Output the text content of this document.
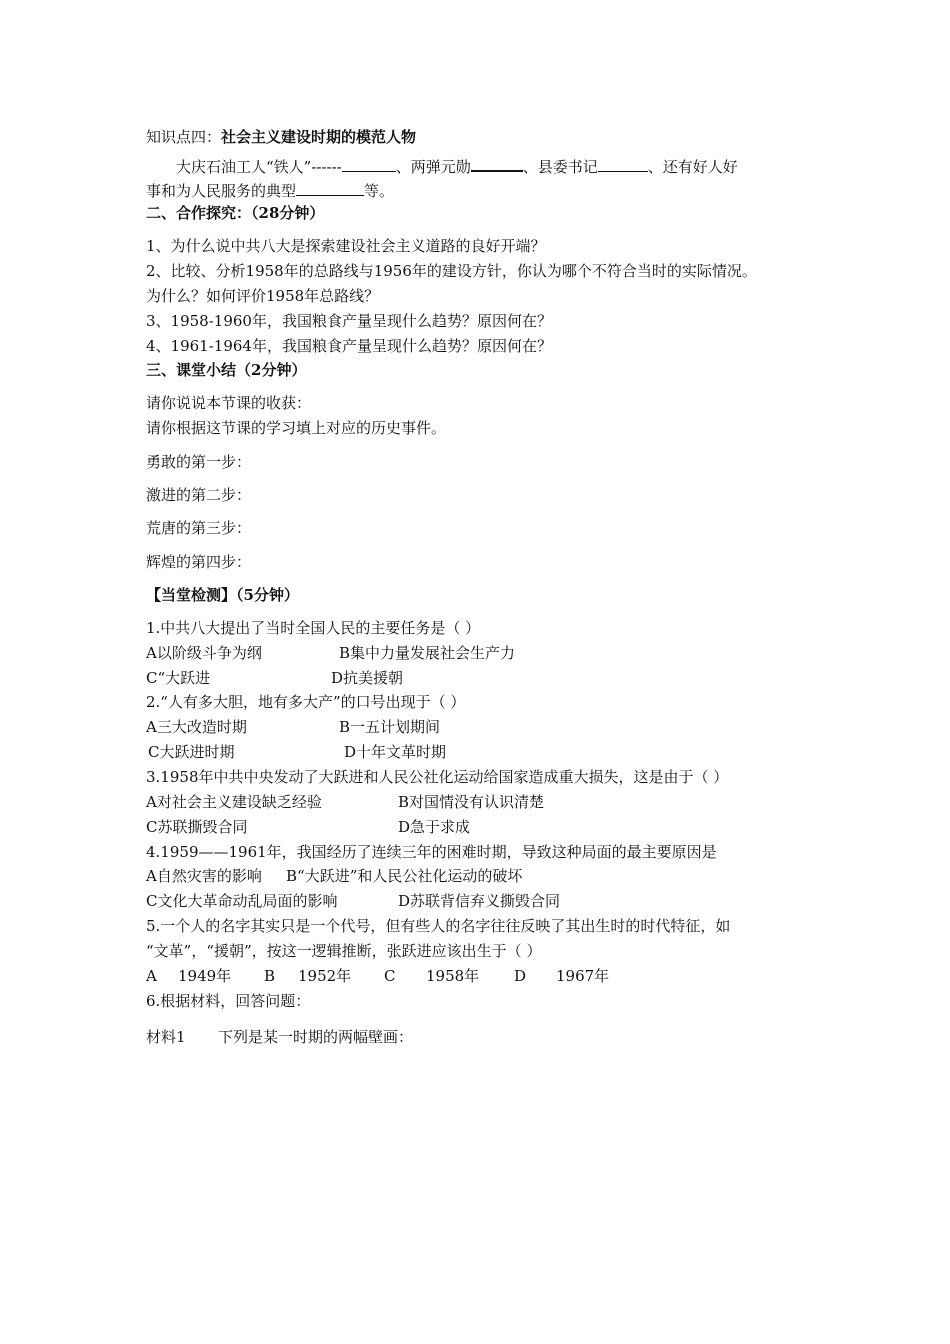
知识点四：社会主义建设时期的模范人物
大庆石油工人“铁人”------	、两弹元勋	、县委书记	、还有好人好
事和为人民服务的典型	等。
二、合作探究：（28分钟）
1、为什么说中共八大是探索建设社会主义道路的良好开端？
2、比较、分析1958年的总路线与1956年的建设方针，你认为哪个不符合当时的实际情况。
为什么？如何评价1958年总路线？
3、1958-1960年，我国粮食产量呈现什么趋势？原因何在？
4、1961-1964年，我国粮食产量呈现什么趋势？原因何在？
三、课堂小结（2分钟）
请你说说本节课的收获：
请你根据这节课的学习填上对应的历史事件。
勇敢的第一步：
激进的第二步：
荒唐的第三步：
辉煌的第四步：
【当堂检测】（5分钟）
1.中共八大提出了当时全国人民的主要任务是（ ）
A以阶级斗争为纲	B集中力量发展社会生产力
C“大跃进	D抗美援朝
2.“人有多大胆，地有多大产”的口号出现于（ ）
A三大改造时期	B一五计划期间
C大跃进时期	D十年文革时期
3.1958年中共中央发动了大跃进和人民公社化运动给国家造成重大损失，这是由于（ ）
A对社会主义建设缺乏经验	B对国情没有认识清楚
C苏联撕毁合同	D急于求成
4.1959——1961年，我国经历了连续三年的困难时期，导致这种局面的最主要原因是
A自然灾害的影响 B“大跃进”和人民公社化运动的破坏
C文化大革命动乱局面的影响	D苏联背信弃义撕毁合同
5.一个人的名字其实只是一个代号，但有些人的名字往往反映了其出生时的时代特征，如
“文革”，“援朝”，按这一逻辑推断，张跃进应该出生于（ ）
A 1949年 B 1952年 C 1958年 D 1967年
6.根据材料，回答问题：
材料1 下列是某一时期的两幅壁画：
